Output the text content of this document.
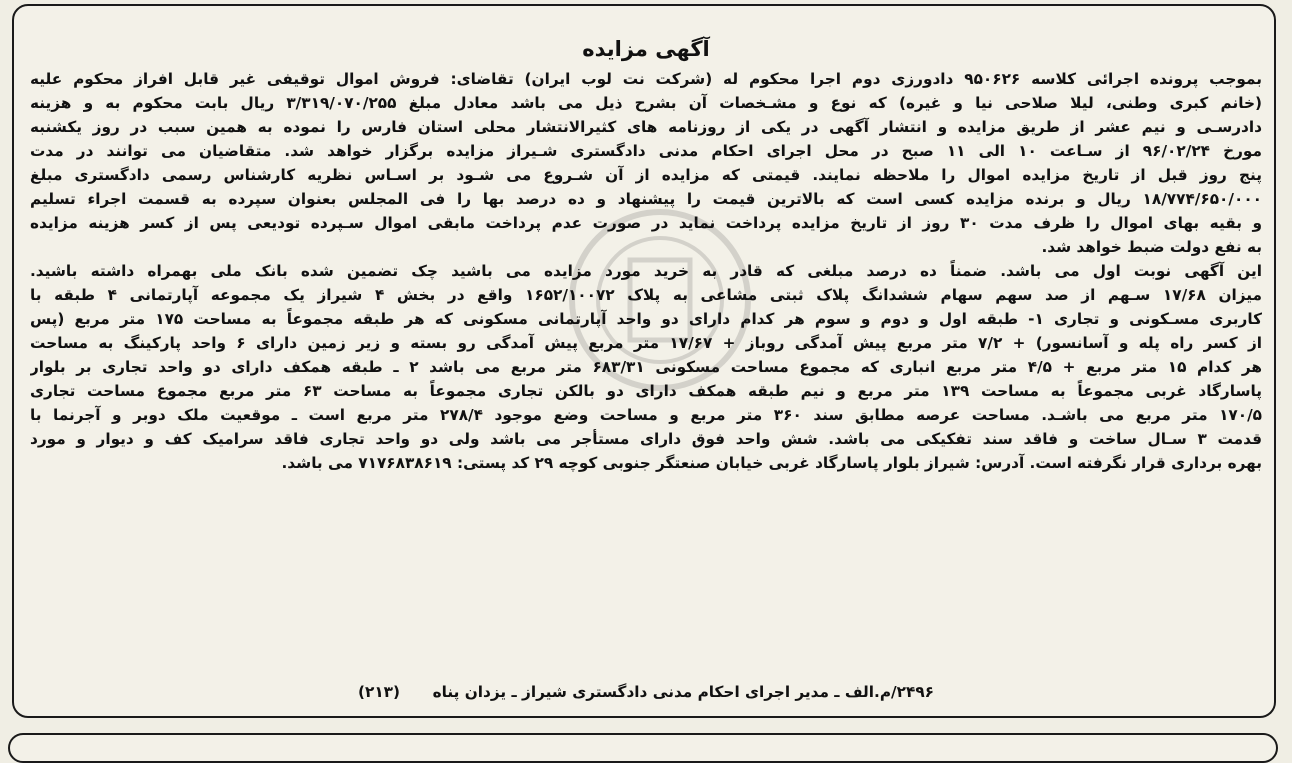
آگهی مزایده
بموجب پرونده اجرائی کلاسه ۹۵۰۶۲۶ دادورزی دوم اجرا محکوم له (شرکت نت لوب ایران) تقاضای: فروش اموال توقیفی غیر قابل افراز محکوم علیه
(خانم کبری وطنی، لیلا صلاحی نیا و غیره) که نوع و مشـخصات آن بشرح ذیل می باشد معادل مبلغ ۳/۳۱۹/۰۷۰/۲۵۵ ریال بابت محکوم به و هزینه
دادرسـی و نیم عشر از طریق مزایده و انتشار آگهی در یکی از روزنامه های کثیرالانتشار محلی استان فارس را نموده به همین سبب در روز یکشنبه
مورخ ۹۶/۰۲/۲۴ از سـاعت ۱۰ الی ۱۱ صبح در محل اجرای احکام مدنی دادگستری شـیراز مزایده برگزار خواهد شد. متقاضیان می توانند در مدت
پنج روز قبل از تاریخ مزایده اموال را ملاحظه نمایند. قیمتی که مزایده از آن شـروع می شـود بر اسـاس نظریه کارشناس رسمی دادگستری مبلغ
۱۸/۷۷۴/۶۵۰/۰۰۰ ریال و برنده مزایده کسی است که بالاترین قیمت را پیشنهاد و ده درصد بها را فی المجلس بعنوان سپرده به قسمت اجراء تسلیم
و بقیه بهای اموال را ظرف مدت ۳۰ روز از تاریخ مزایده پرداخت نماید در صورت عدم پرداخت مابقی اموال سـپرده تودیعی پس از کسر هزینه مزایده
به نفع دولت ضبط خواهد شد.
این آگهی نوبت اول می باشد. ضمناً ده درصد مبلغی که قادر به خرید مورد مزایده می باشید چک تضمین شده بانک ملی بهمراه داشته باشید.
میزان ۱۷/۶۸ سـهم از صد سهم سهام ششدانگ پلاک ثبتی مشاعی به پلاک ۱۶۵۲/۱۰۰۷۲ واقع در بخش ۴ شیراز یک مجموعه آپارتمانی ۴ طبقه با
کاربری مسـکونی و تجاری ۱- طبقه اول و دوم و سوم هر کدام دارای دو واحد آپارتمانی مسکونی که هر طبقه مجموعاً به مساحت ۱۷۵ متر مربع (پس
از کسر راه پله و آسانسور) + ۷/۲ متر مربع پیش آمدگی روباز + ۱۷/۶۷ متر مربع پیش آمدگی رو بسته و زیر زمین دارای ۶ واحد پارکینگ به مساحت
هر کدام ۱۵ متر مربع + ۴/۵ متر مربع انباری که مجموع مساحت مسکونی ۶۸۳/۳۱ متر مربع می باشد ۲ ـ طبقه همکف دارای دو واحد تجاری بر بلوار
پاسارگاد غربی مجموعاً به مساحت ۱۳۹ متر مربع و نیم طبقه همکف دارای دو بالکن تجاری مجموعاً به مساحت ۶۳ متر مربع مجموع مساحت تجاری
۱۷۰/۵ متر مربع می باشـد. مساحت عرصه مطابق سند ۳۶۰ متر مربع و مساحت وضع موجود ۲۷۸/۴ متر مربع است ـ موقعیت ملک دوبر و آجرنما با
قدمت ۳ سـال ساخت و فاقد سند تفکیکی می باشد. شش واحد فوق دارای مستأجر می باشد ولی دو واحد تجاری فاقد سرامیک کف و دیوار و مورد
بهره برداری قرار نگرفته است. آدرس: شیراز بلوار پاسارگاد غربی خیابان صنعتگر جنوبی کوچه ۲۹ کد پستی: ۷۱۷۶۸۳۸۶۱۹ می باشد.
۲۴۹۶/م.الف ـ مدیر اجرای احکام مدنی دادگستری شیراز ـ یزدان پناه  (۲۱۳)
